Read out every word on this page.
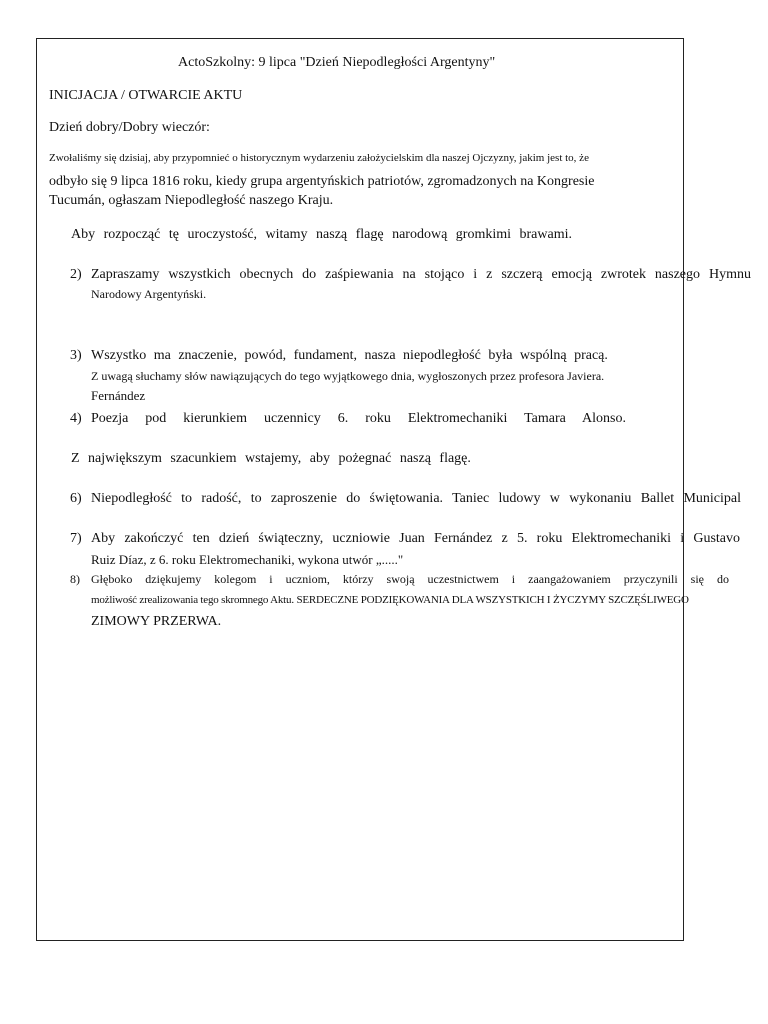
ActoSzkolny: 9 lipca "Dzień Niepodległości Argentyny"
INICJACJA / OTWARCIE AKTU
Dzień dobry/Dobry wieczór:
Zwołaliśmy się dzisiaj, aby przypomnieć o historycznym wydarzeniu założycielskim dla naszej Ojczyzny, jakim jest to, że
odbyło się 9 lipca 1816 roku, kiedy grupa argentyńskich patriotów, zgromadzonych na Kongresie
Tucumán, ogłaszam Niepodległość naszego Kraju.
Aby rozpocząć tę uroczystość, witamy naszą flagę narodową gromkimi brawami.
2) Zapraszamy wszystkich obecnych do zaśpiewania na stojąco i z szczerą emocją zwrotek naszego Hymnu
Narodowy Argentyński.
3) Wszystko ma znaczenie, powód, fundament, nasza niepodległość była wspólną pracą.
Z uwagą słuchamy słów nawiązujących do tego wyjątkowego dnia, wygłoszonych przez profesora Javiera.
Fernández
4) Poezja pod kierunkiem uczennicy 6. roku Elektromechaniki Tamara Alonso.
Z największym szacunkiem wstajemy, aby pożegnać naszą flagę.
6) Niepodległość to radość, to zaproszenie do świętowania. Taniec ludowy w wykonaniu Ballet Municipal
7) Aby zakończyć ten dzień świąteczny, uczniowie Juan Fernández z 5. roku Elektromechaniki i Gustavo
Ruiz Díaz, z 6. roku Elektromechaniki, wykona utwór „....."
8) Głęboko dziękujemy kolegom i uczniom, którzy swoją uczestnictwem i zaangażowaniem przyczynili się do
możliwość zrealizowania tego skromnego Aktu. SERDECZNE PODZIĘKOWANIA DLA WSZYSTKICH I ŻYCZYMY SZCZĘŚLIWEGO
ZIMOWY PRZERWA.
